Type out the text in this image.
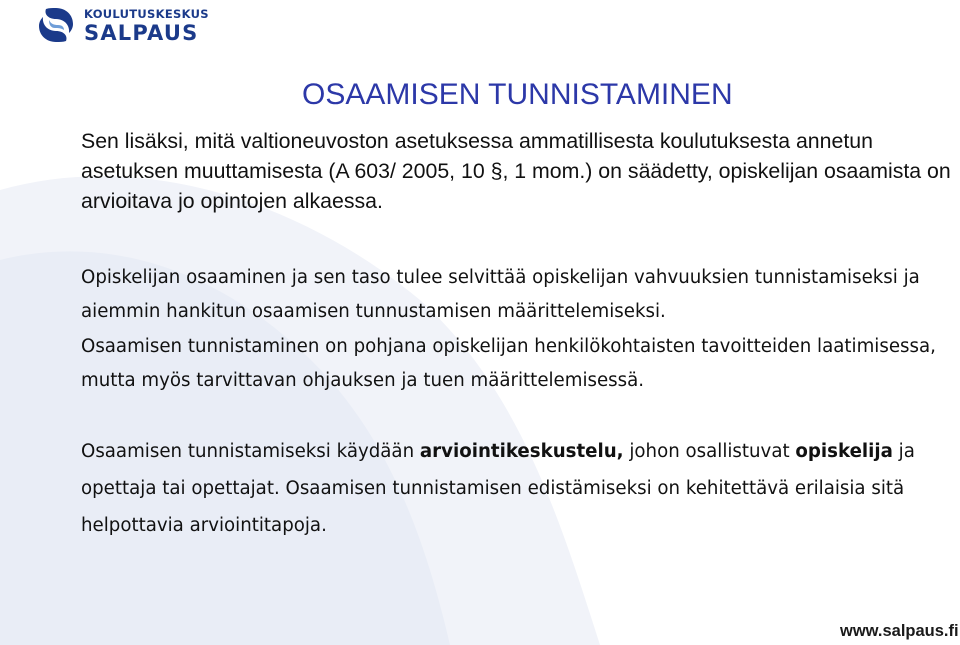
KOULUTUSKESKUS
SALPAUS
OSAAMISEN TUNNISTAMINEN

Sen lisäksi, mitä valtioneuvoston asetuksessa ammatillisesta koulutuksesta annetun asetuksen muuttamisesta (A 603/ 2005, 10 §, 1 mom.) on säädetty, opiskelijan osaamista on arvioitava jo opintojen alkaessa.

Opiskelijan osaaminen ja sen taso tulee selvittää opiskelijan vahvuuksien tunnistamiseksi ja aiemmin hankitun osaamisen tunnustamisen määrittelemiseksi.

Osaamisen tunnistaminen on pohjana opiskelijan henkilökohtaisten tavoitteiden laatimisessa, mutta myös tarvittavan ohjauksen ja tuen määrittelemisessä.

Osaamisen tunnistamiseksi käydään arviointikeskustelu, johon osallistuvat opiskelija ja opettaja tai opettajat. Osaamisen tunnistamisen edistämiseksi on kehitettävä erilaisia sitä helpottavia arviointitapoja.

www.salpaus.fi
